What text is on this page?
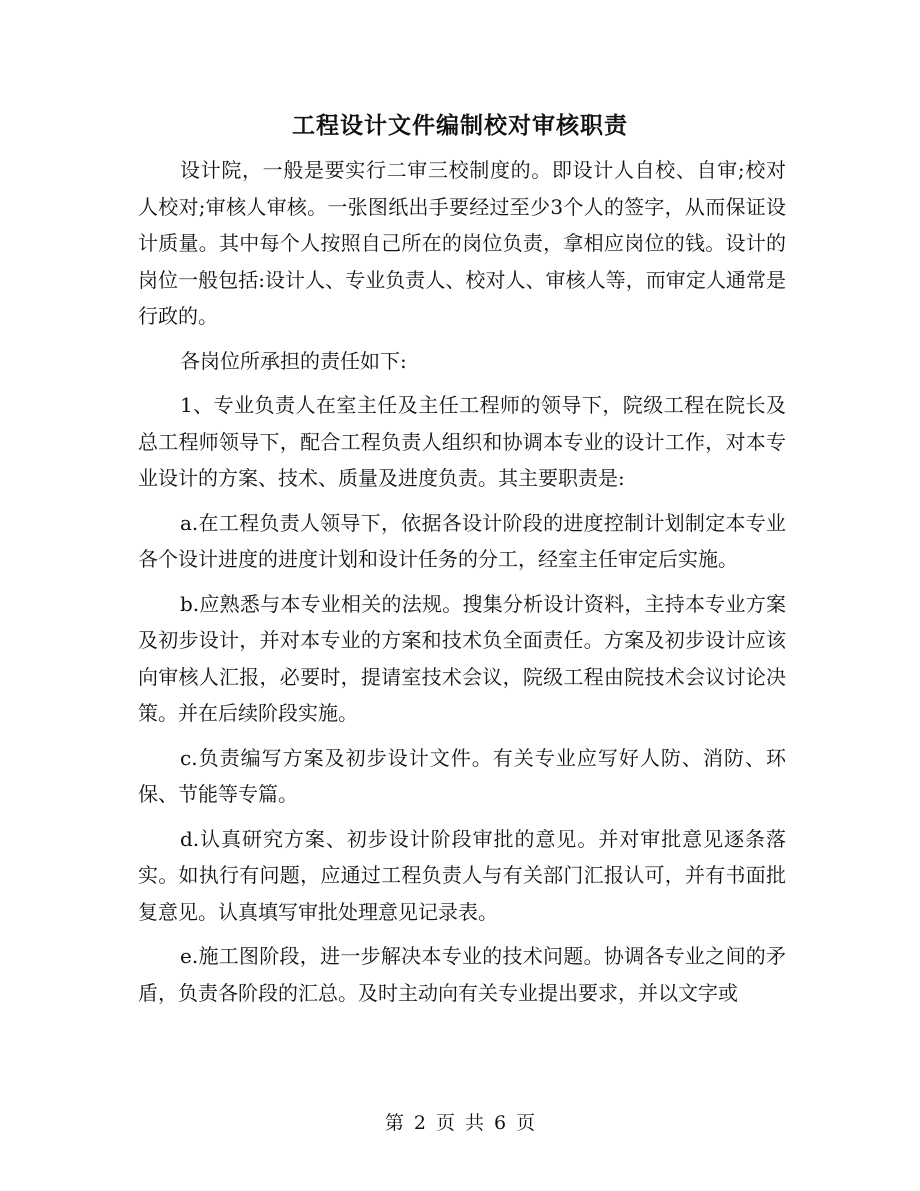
工程设计文件编制校对审核职责

设计院，一般是要实行二审三校制度的。即设计人自校、自审;校对人校对;审核人审核。一张图纸出手要经过至少3个人的签字，从而保证设计质量。其中每个人按照自己所在的岗位负责，拿相应岗位的钱。设计的岗位一般包括:设计人、专业负责人、校对人、审核人等，而审定人通常是行政的。

各岗位所承担的责任如下:

1、专业负责人在室主任及主任工程师的领导下，院级工程在院长及总工程师领导下，配合工程负责人组织和协调本专业的设计工作，对本专业设计的方案、技术、质量及进度负责。其主要职责是:

a.在工程负责人领导下，依据各设计阶段的进度控制计划制定本专业各个设计进度的进度计划和设计任务的分工，经室主任审定后实施。

b.应熟悉与本专业相关的法规。搜集分析设计资料，主持本专业方案及初步设计，并对本专业的方案和技术负全面责任。方案及初步设计应该向审核人汇报，必要时，提请室技术会议，院级工程由院技术会议讨论决策。并在后续阶段实施。

c.负责编写方案及初步设计文件。有关专业应写好人防、消防、环保、节能等专篇。

d.认真研究方案、初步设计阶段审批的意见。并对审批意见逐条落实。如执行有问题，应通过工程负责人与有关部门汇报认可，并有书面批复意见。认真填写审批处理意见记录表。

e.施工图阶段，进一步解决本专业的技术问题。协调各专业之间的矛盾，负责各阶段的汇总。及时主动向有关专业提出要求，并以文字或

第 2 页 共 6 页
